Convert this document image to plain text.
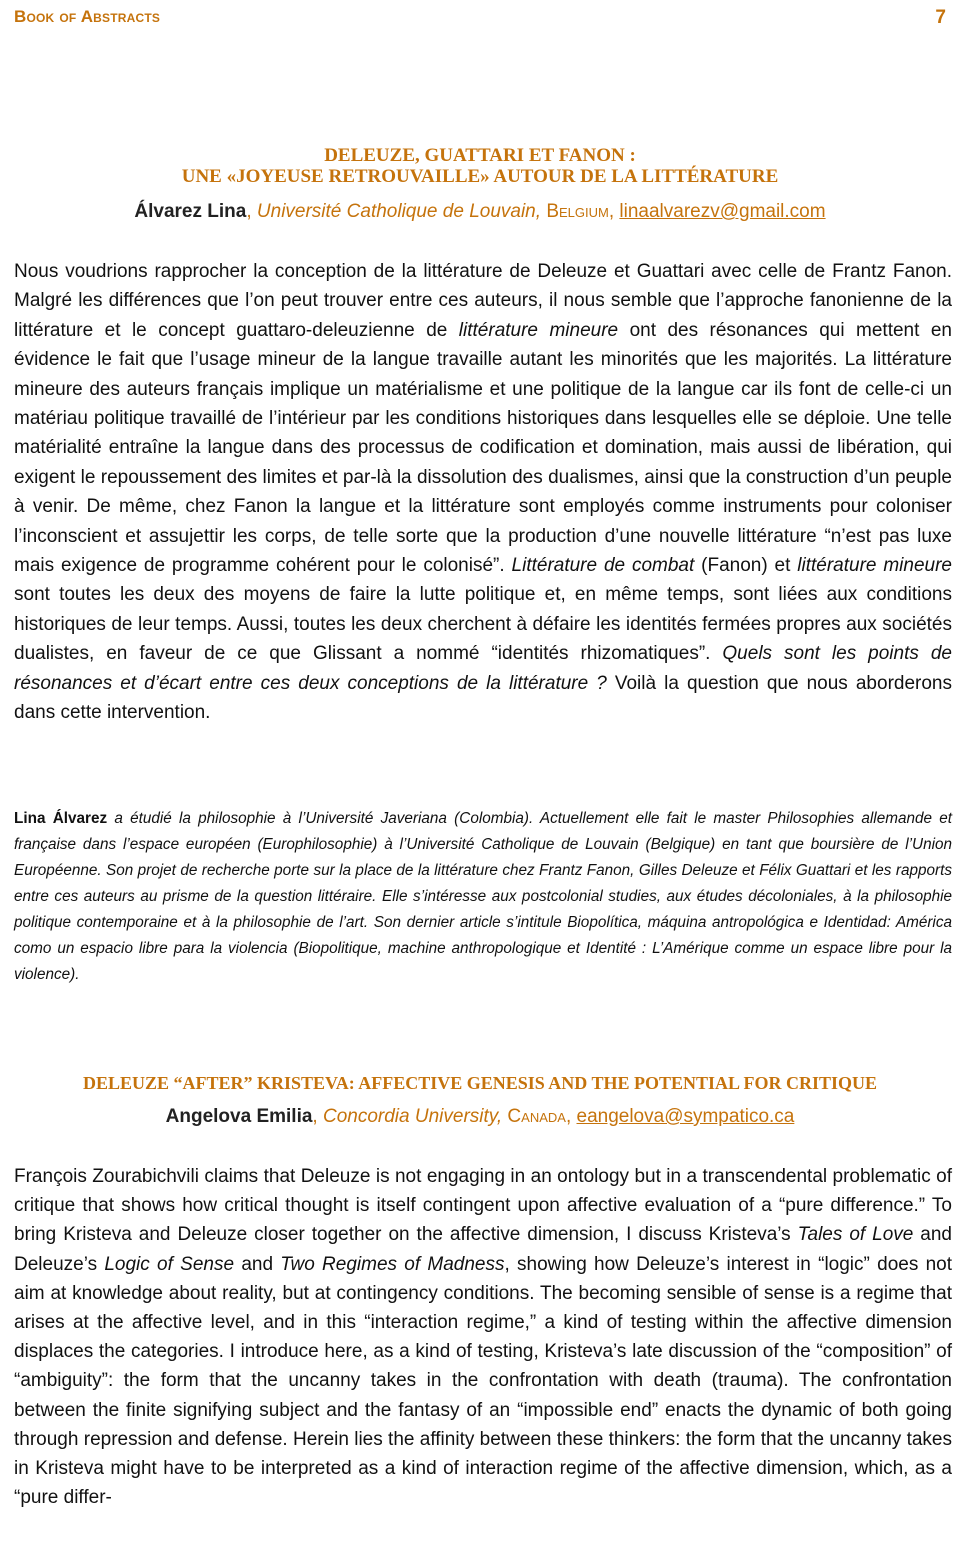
Book of Abstracts	7
DELEUZE, GUATTARI ET FANON :
UNE «JOYEUSE RETROUVAILLE» AUTOUR DE LA LITTÉRATURE
Álvarez Lina, Université Catholique de Louvain, Belgium, linaalvarezv@gmail.com

Nous voudrions rapprocher la conception de la littérature de Deleuze et Guattari avec celle de Frantz Fanon. Malgré les différences que l’on peut trouver entre ces auteurs, il nous semble que l’approche fanonienne de la littérature et le concept guattaro-deleuzienne de littérature mineure ont des résonances qui mettent en évidence le fait que l’usage mineur de la langue travaille autant les minorités que les majorités. La littérature mineure des auteurs français implique un matérialisme et une politique de la langue car ils font de celle-ci un matériau politique travaillé de l’intérieur par les conditions historiques dans lesquelles elle se déploie. Une telle matérialité entraîne la langue dans des processus de codification et domination, mais aussi de libération, qui exigent le repoussement des limites et par-là la dissolution des dualismes, ainsi que la construction d’un peuple à venir. De même, chez Fanon la langue et la littérature sont employés comme instruments pour coloniser l’inconscient et assujettir les corps, de telle sorte que la production d’une nouvelle littérature “n’est pas luxe mais exigence de programme cohérent pour le colonisé”. Littérature de combat (Fanon) et littérature mineure sont toutes les deux des moyens de faire la lutte politique et, en même temps, sont liées aux conditions historiques de leur temps. Aussi, toutes les deux cherchent à défaire les identités fermées propres aux sociétés dualistes, en faveur de ce que Glissant a nommé “identités rhizomatiques”. Quels sont les points de résonances et d’écart entre ces deux conceptions de la littérature ? Voilà la question que nous aborderons dans cette intervention.

Lina Álvarez a étudié la philosophie à l’Université Javeriana (Colombia). Actuellement elle fait le master Philosophies allemande et française dans l’espace européen (Europhilosophie) à l’Université Catholique de Louvain (Belgique) en tant que boursière de l’Union Européenne. Son projet de recherche porte sur la place de la littérature chez Frantz Fanon, Gilles Deleuze et Félix Guattari et les rapports entre ces auteurs au prisme de la question littéraire. Elle s’intéresse aux postcolonial studies, aux études décoloniales, à la philosophie politique contemporaine et à la philosophie de l’art. Son dernier article s’intitule Biopolítica, máquina antropológica e Identidad: América como un espacio libre para la violencia (Biopolitique, machine anthropologique et Identité : L’Amérique comme un espace libre pour la violence).
DELEUZE “AFTER” KRISTEVA: AFFECTIVE GENESIS AND THE POTENTIAL FOR CRITIQUE
Angelova Emilia, Concordia University, Canada, eangelova@sympatico.ca

François Zourabichvili claims that Deleuze is not engaging in an ontology but in a transcendental problematic of critique that shows how critical thought is itself contingent upon affective evaluation of a “pure difference.” To bring Kristeva and Deleuze closer together on the affective dimension, I discuss Kristeva’s Tales of Love and Deleuze’s Logic of Sense and Two Regimes of Madness, showing how Deleuze’s interest in “logic” does not aim at knowledge about reality, but at contingency conditions. The becoming sensible of sense is a regime that arises at the affective level, and in this “interaction regime,” a kind of testing within the affective dimension displaces the categories. I introduce here, as a kind of testing, Kristeva’s late discussion of the “composition” of “ambiguity”: the form that the uncanny takes in the confrontation with death (trauma). The confrontation between the finite signifying subject and the fantasy of an “impossible end” enacts the dynamic of both going through repression and defense. Herein lies the affinity between these thinkers: the form that the uncanny takes in Kristeva might have to be interpreted as a kind of interaction regime of the affective dimension, which, as a “pure differ-
